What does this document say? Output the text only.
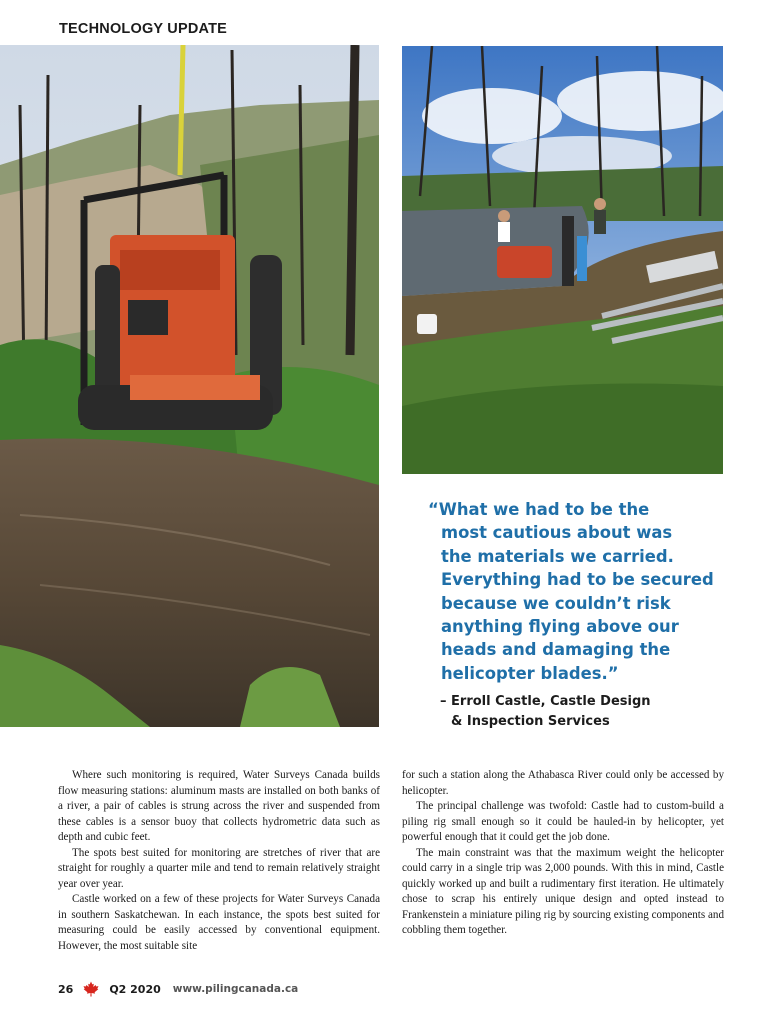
TECHNOLOGY UPDATE
“What we had to be the
most cautious about was
the materials we carried.
Everything had to be secured
because we couldn’t risk
anything flying above our
heads and damaging the
helicopter blades.”
– Erroll Castle, Castle Design
& Inspection Services

Where such monitoring is required, Water Surveys Canada builds flow measuring stations: aluminum masts are installed on both banks of a river, a pair of cables is strung across the river and suspended from these cables is a sensor buoy that collects hydrometric data such as depth and cubic feet.

The spots best suited for monitoring are stretches of river that are straight for roughly a quarter mile and tend to remain relatively straight year over year.

Castle worked on a few of these projects for Water Surveys Canada in southern Saskatchewan. In each instance, the spots best suited for measuring could be easily accessed by conventional equipment. However, the most suitable site

for such a station along the Athabasca River could only be accessed by helicopter.

The principal challenge was twofold: Castle had to custom-build a piling rig small enough so it could be hauled-in by helicopter, yet powerful enough that it could get the job done.

The main constraint was that the maximum weight the helicopter could carry in a single trip was 2,000 pounds. With this in mind, Castle quickly worked up and built a rudimentary first iteration. He ultimately chose to scrap his entirely unique design and opted instead to Frankenstein a miniature piling rig by sourcing existing components and cobbling them together.

26	Q2 2020 www.pilingcanada.ca
